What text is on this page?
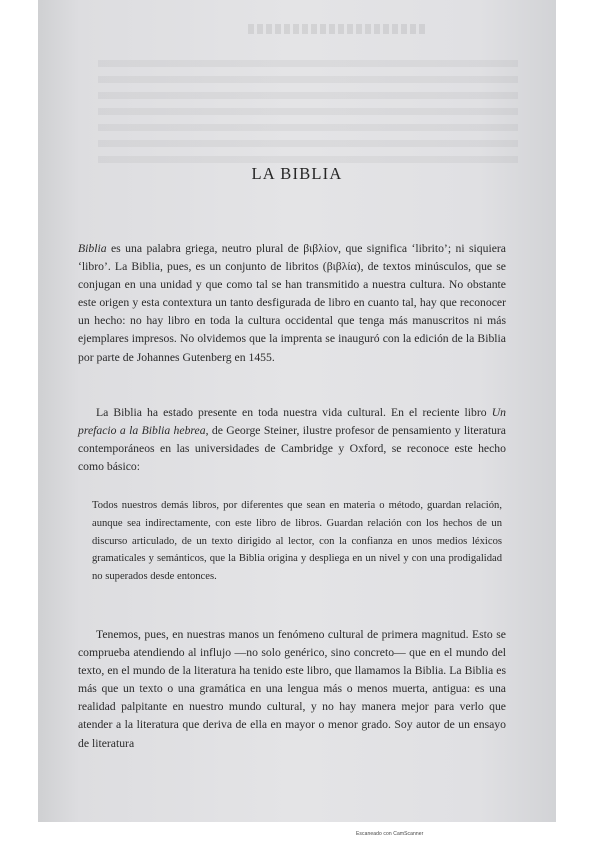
LA BIBLIA
Biblia es una palabra griega, neutro plural de βιβλίον, que significa ‘librito’; ni siquiera ‘libro’. La Biblia, pues, es un conjunto de libritos (βιβλία), de textos minúsculos, que se conjugan en una unidad y que como tal se han transmitido a nuestra cultura. No obstante este origen y esta contextura un tanto desfigurada de libro en cuanto tal, hay que reconocer un hecho: no hay libro en toda la cultura occidental que tenga más manuscritos ni más ejemplares impresos. No olvidemos que la imprenta se inauguró con la edición de la Biblia por parte de Johannes Gutenberg en 1455.
La Biblia ha estado presente en toda nuestra vida cultural. En el reciente libro Un prefacio a la Biblia hebrea, de George Steiner, ilustre profesor de pensamiento y literatura contemporáneos en las universidades de Cambridge y Oxford, se reconoce este hecho como básico:
Todos nuestros demás libros, por diferentes que sean en materia o método, guardan relación, aunque sea indirectamente, con este libro de libros. Guardan relación con los hechos de un discurso articulado, de un texto dirigido al lector, con la confianza en unos medios léxicos gramaticales y semánticos, que la Biblia origina y despliega en un nivel y con una prodigalidad no superados desde entonces.
Tenemos, pues, en nuestras manos un fenómeno cultural de primera magnitud. Esto se comprueba atendiendo al influjo —no solo genérico, sino concreto— que en el mundo del texto, en el mundo de la literatura ha tenido este libro, que llamamos la Biblia. La Biblia es más que un texto o una gramática en una lengua más o menos muerta, antigua: es una realidad palpitante en nuestro mundo cultural, y no hay manera mejor para verlo que atender a la literatura que deriva de ella en mayor o menor grado. Soy autor de un ensayo de literatura
Escaneado con CamScanner
